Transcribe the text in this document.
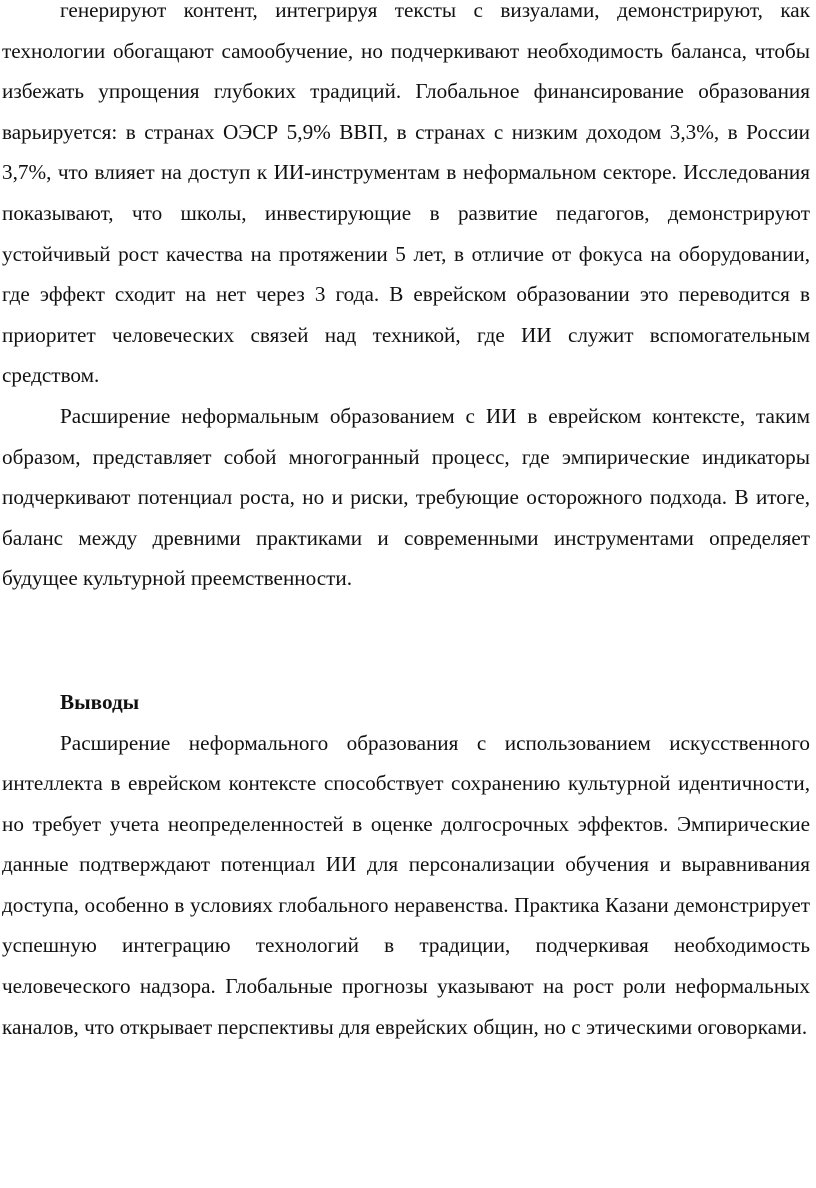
генерируют контент, интегрируя тексты с визуалами, демонстрируют, как технологии обогащают самообучение, но подчеркивают необходимость баланса, чтобы избежать упрощения глубоких традиций. Глобальное финансирование образования варьируется: в странах ОЭСР 5,9% ВВП, в странах с низким доходом 3,3%, в России 3,7%, что влияет на доступ к ИИ-инструментам в неформальном секторе. Исследования показывают, что школы, инвестирующие в развитие педагогов, демонстрируют устойчивый рост качества на протяжении 5 лет, в отличие от фокуса на оборудовании, где эффект сходит на нет через 3 года. В еврейском образовании это переводится в приоритет человеческих связей над техникой, где ИИ служит вспомогательным средством.

Расширение неформальным образованием с ИИ в еврейском контексте, таким образом, представляет собой многогранный процесс, где эмпирические индикаторы подчеркивают потенциал роста, но и риски, требующие осторожного подхода. В итоге, баланс между древними практиками и современными инструментами определяет будущее культурной преемственности.

Выводы

Расширение неформального образования с использованием искусственного интеллекта в еврейском контексте способствует сохранению культурной идентичности, но требует учета неопределенностей в оценке долгосрочных эффектов. Эмпирические данные подтверждают потенциал ИИ для персонализации обучения и выравнивания доступа, особенно в условиях глобального неравенства. Практика Казани демонстрирует успешную интеграцию технологий в традиции, подчеркивая необходимость человеческого надзора. Глобальные прогнозы указывают на рост роли неформальных каналов, что открывает перспективы для еврейских общин, но с этическими оговорками.
